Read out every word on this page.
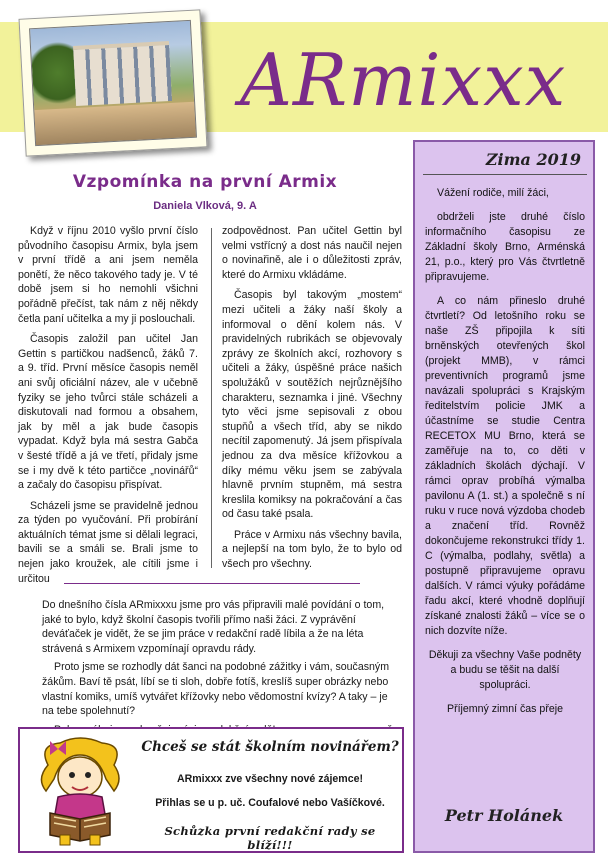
ARmixxx
Vzpomínka na první Armix
Daniela Vlková, 9. A

Když v říjnu 2010 vyšlo první číslo původního časopisu Armix, byla jsem v první třídě a ani jsem neměla ponětí, že něco takového tady je. V té době jsem si ho nemohli všichni pořádně přečíst, tak nám z něj někdy četla paní učitelka a my ji poslouchali.

Časopis založil pan učitel Jan Gettin s partičkou nadšenců, žáků 7. a 9. tříd. První měsíce časopis neměl ani svůj oficiální název, ale v učebně fyziky se jeho tvůrci stále scházeli a diskutovali nad formou a obsahem, jak by měl a jak bude časopis vypadat. Když byla má sestra Gabča v šesté třídě a já ve třetí, přidaly jsme se i my dvě k této partičce „novinářů“ a začaly do časopisu přispívat.

Scházeli jsme se pravidelně jednou za týden po vyučování. Při probírání aktuálních témat jsme si dělali legraci, bavili se a smáli se. Brali jsme to nejen jako kroužek, ale cítili jsme i určitou

zodpovědnost. Pan učitel Gettin byl velmi vstřícný a dost nás naučil nejen o novinařině, ale i o důležitosti zpráv, které do Armixu vkládáme.

Časopis byl takovým „mostem“ mezi učiteli a žáky naší školy a informoval o dění kolem nás. V pravidelných rubrikách se objevovaly zprávy ze školních akcí, rozhovory s učiteli a žáky, úspěšné práce našich spolužáků v soutěžích nejrůznějšího charakteru, seznamka i jiné. Všechny tyto věci jsme sepisovali z obou stupňů a všech tříd, aby se nikdo necítil zapomenutý. Já jsem přispívala jednou za dva měsíce křížovkou a díky mému věku jsem se zabývala hlavně prvním stupněm, má sestra kreslila komiksy na pokračování a čas od času také psala.

Práce v Armixu nás všechny bavila, a nejlepší na tom bylo, že to bylo od všech pro všechny.

Do dnešního čísla ARmixxxu jsme pro vás připravili malé povídání o tom, jaké to bylo, když školní časopis tvořili přímo naši žáci. Z vyprávění deváťaček je vidět, že se jim práce v redakční radě líbila a že na léta strávená s Armixem vzpomínají opravdu rády.

Proto jsme se rozhodly dát šanci na podobné zážitky i vám, současným žákům. Baví tě psát, líbí se ti sloh, dobře fotíš, kreslíš super obrázky nebo vlastní komiks, umíš vytvářet křížovky nebo vědomostní kvízy? A taky – je na tebe spolehnutí?

Chceš se stát školním novinářem?
ARmixxx zve všechny nové zájemce!
Přihlas se u p. uč. Coufalové nebo Vašíčkové.
Schůzka první redakční rady se blíží!!!
Zima 2019

Vážení rodiče, milí žáci,

obdrželi jste druhé číslo informačního časopisu ze Základní školy Brno, Arménská 21, p.o., který pro Vás čtvrtletně připravujeme.

A co nám přineslo druhé čtvrtletí? Od letošního roku se naše ZŠ připojila k síti brněnských otevřených škol (projekt MMB), v rámci preventivních programů jsme navázali spolupráci s Krajským ředitelstvím policie JMK a účastníme se studie Centra RECETOX MU Brno, která se zaměřuje na to, co děti v základních školách dýchají. V rámci oprav probíhá výmalba pavilonu A (1. st.) a společně s ní ruku v ruce nová výzdoba chodeb a značení tříd. Rovněž dokončujeme rekonstrukci třídy 1. C (výmalba, podlahy, světla) a postupně připravujeme opravu dalších. V rámci výuky pořádáme řadu akcí, které vhodně doplňují získané znalosti žáků – více se o nich dozvíte níže.

Děkuji za všechny Vaše podněty a budu se těšit na další spolupráci.

Příjemný zimní čas přeje

Petr Holánek
